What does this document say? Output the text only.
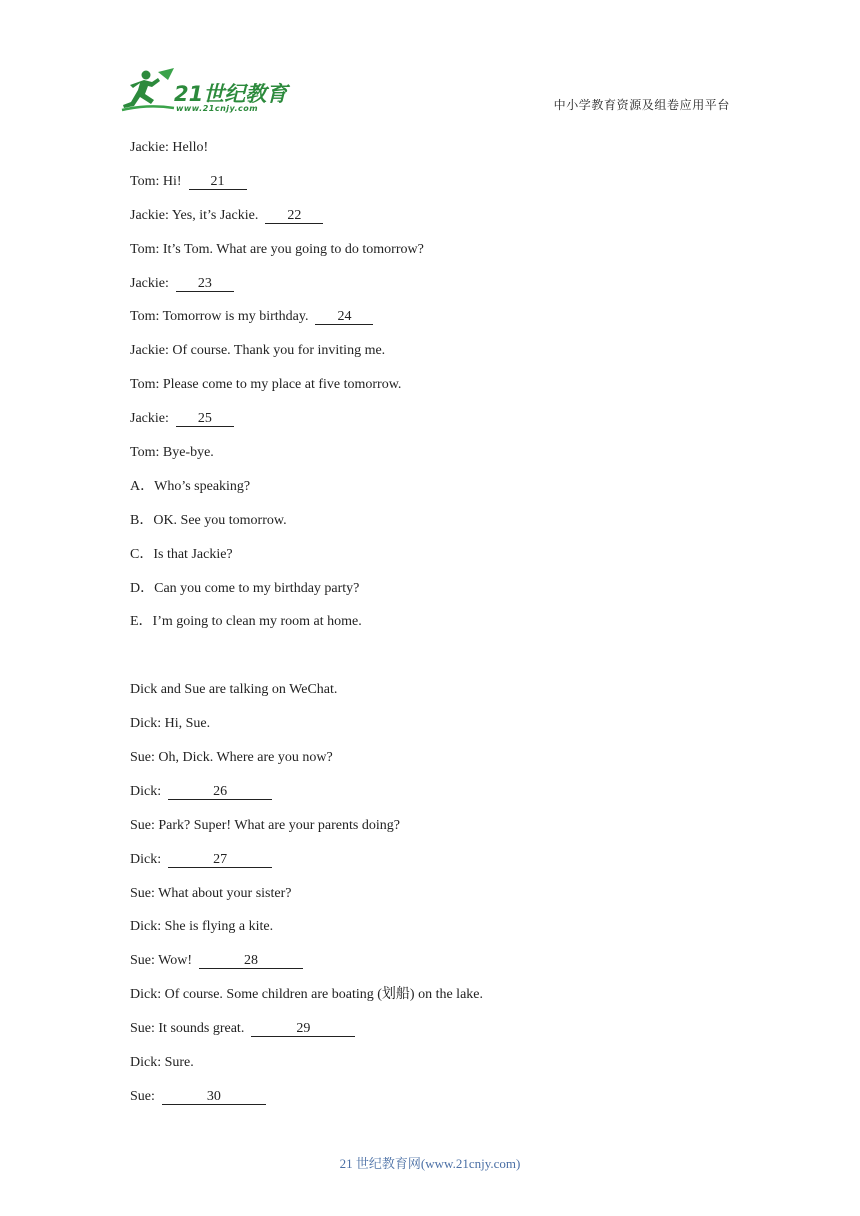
21世纪教育
www.21cnjy.com	中小学教育资源及组卷应用平台
Jackie: Hello!
Tom: Hi! 21
Jackie: Yes, it’s Jackie. 22
Tom: It’s Tom. What are you going to do tomorrow?
Jackie: 23
Tom: Tomorrow is my birthday. 24
Jackie: Of course. Thank you for inviting me.
Tom: Please come to my place at five tomorrow.
Jackie: 25
Tom: Bye-bye.
A．Who’s speaking?
B．OK. See you tomorrow.
C．Is that Jackie?
D．Can you come to my birthday party?
E．I’m going to clean my room at home.
Dick and Sue are talking on WeChat.
Dick: Hi, Sue.
Sue: Oh, Dick. Where are you now?
Dick:	26
Sue: Park? Super! What are your parents doing?
Dick:	27
Sue: What about your sister?
Dick: She is flying a kite.
Sue: Wow!	28
Dick: Of course. Some children are boating (划船) on the lake.
Sue: It sounds great.	29
Dick: Sure.
Sue:	30
21 世纪教育网(www.21cnjy.com)
